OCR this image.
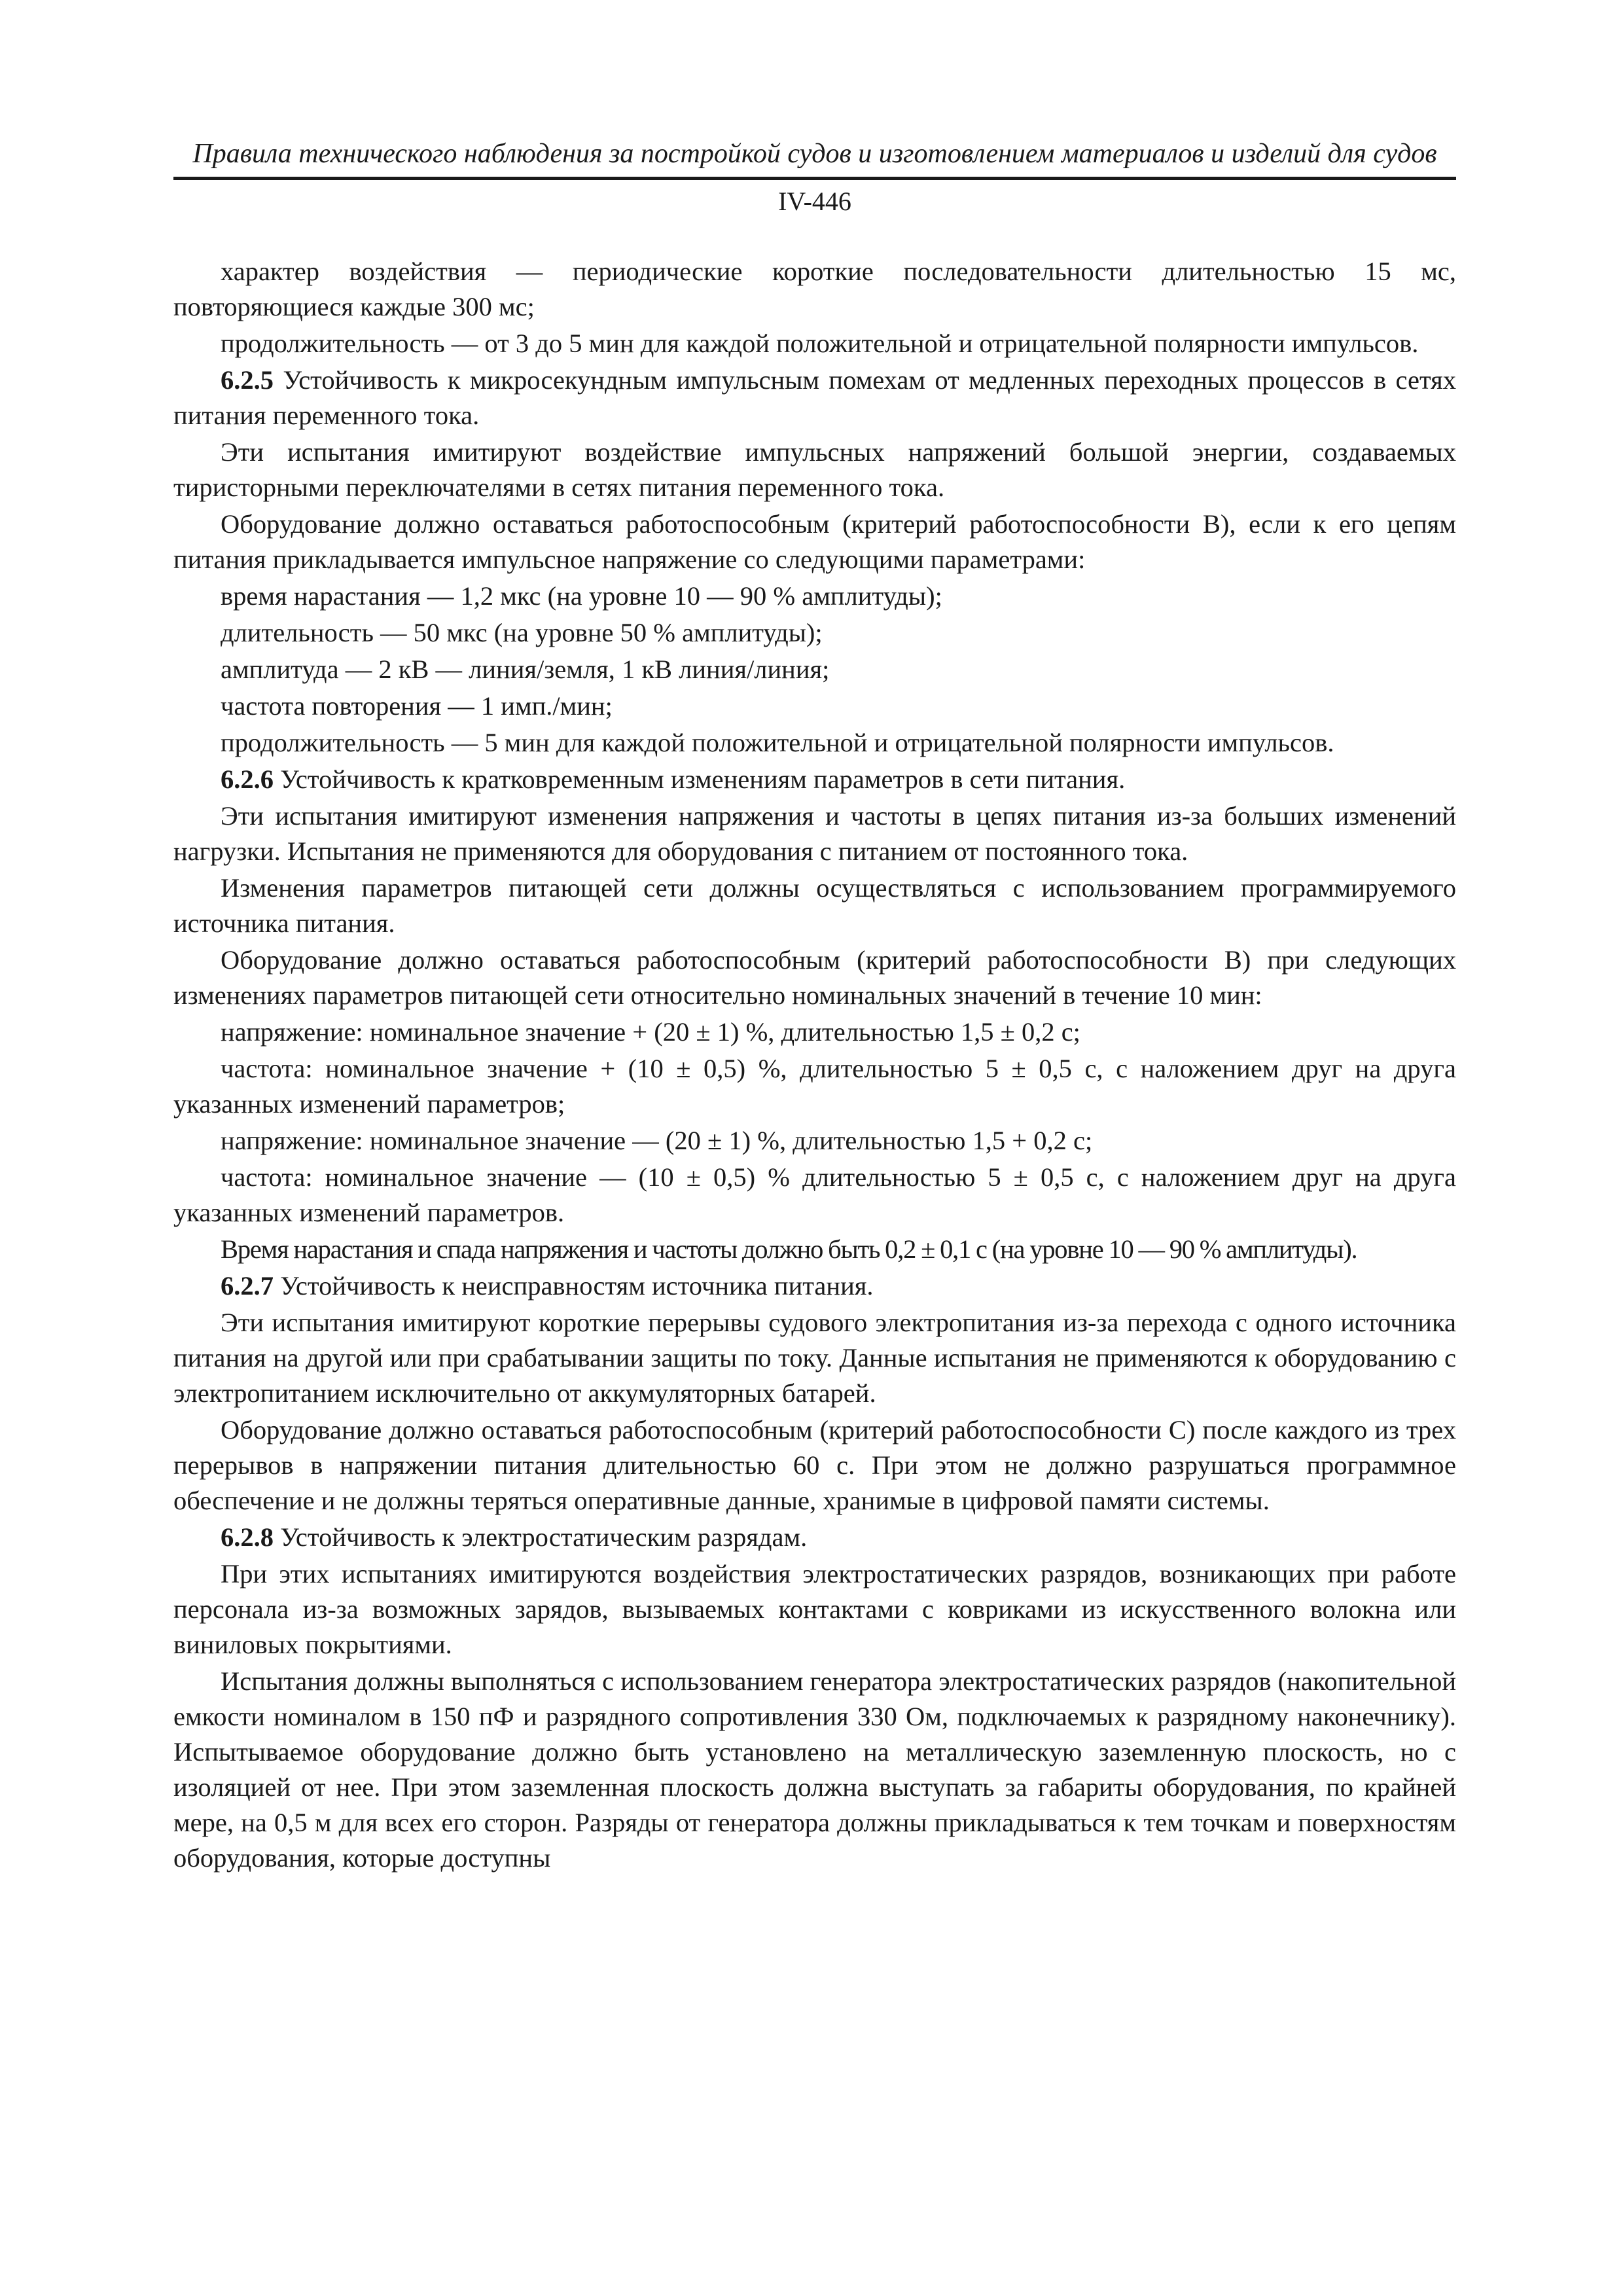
Правила технического наблюдения за постройкой судов и изготовлением материалов и изделий для судов
IV-446

характер воздействия — периодические короткие последовательности длительностью 15 мс, повторяющиеся каждые 300 мс;

продолжительность — от 3 до 5 мин для каждой положительной и отрицательной полярности импульсов.

6.2.5 Устойчивость к микросекундным импульсным помехам от медленных переходных процессов в сетях питания переменного тока.

Эти испытания имитируют воздействие импульсных напряжений большой энергии, создаваемых тиристорными переключателями в сетях питания переменного тока.

Оборудование должно оставаться работоспособным (критерий работоспособности В), если к его цепям питания прикладывается импульсное напряжение со следующими параметрами:

время нарастания — 1,2 мкс (на уровне 10 — 90 % амплитуды);

длительность — 50 мкс (на уровне 50 % амплитуды);

амплитуда — 2 кВ — линия/земля, 1 кВ линия/линия;

частота повторения — 1 имп./мин;

продолжительность — 5 мин для каждой положительной и отрицательной полярности импульсов.

6.2.6 Устойчивость к кратковременным изменениям параметров в сети питания.

Эти испытания имитируют изменения напряжения и частоты в цепях питания из-за больших изменений нагрузки. Испытания не применяются для оборудования с питанием от постоянного тока.

Изменения параметров питающей сети должны осуществляться с использованием программируемого источника питания.

Оборудование должно оставаться работоспособным (критерий работоспособности В) при следующих изменениях параметров питающей сети относительно номинальных значений в течение 10 мин:

напряжение: номинальное значение + (20 ± 1) %, длительностью 1,5 ± 0,2 с;

частота: номинальное значение + (10 ± 0,5) %, длительностью 5 ± 0,5 с, с наложением друг на друга указанных изменений параметров;

напряжение: номинальное значение — (20 ± 1) %, длительностью 1,5 + 0,2 с;

частота: номинальное значение — (10 ± 0,5) % длительностью 5 ± 0,5 с, с наложением друг на друга указанных изменений параметров.

Время нарастания и спада напряжения и частоты должно быть 0,2 ± 0,1 с (на уровне 10 — 90 % амплитуды).

6.2.7 Устойчивость к неисправностям источника питания.

Эти испытания имитируют короткие перерывы судового электропитания из-за перехода с одного источника питания на другой или при срабатывании защиты по току. Данные испытания не применяются к оборудованию с электропитанием исключительно от аккумуляторных батарей.

Оборудование должно оставаться работоспособным (критерий работоспособности С) после каждого из трех перерывов в напряжении питания длительностью 60 с. При этом не должно разрушаться программное обеспечение и не должны теряться оперативные данные, хранимые в цифровой памяти системы.

6.2.8 Устойчивость к электростатическим разрядам.

При этих испытаниях имитируются воздействия электростатических разрядов, возникающих при работе персонала из-за возможных зарядов, вызываемых контактами с ковриками из искусственного волокна или виниловых покрытиями.

Испытания должны выполняться с использованием генератора электростатических разрядов (накопительной емкости номиналом в 150 пФ и разрядного сопротивления 330 Ом, подключаемых к разрядному наконечнику). Испытываемое оборудование должно быть установлено на металлическую заземленную плоскость, но с изоляцией от нее. При этом заземленная плоскость должна выступать за габариты оборудования, по крайней мере, на 0,5 м для всех его сторон. Разряды от генератора должны прикладываться к тем точкам и поверхностям оборудования, которые доступны
